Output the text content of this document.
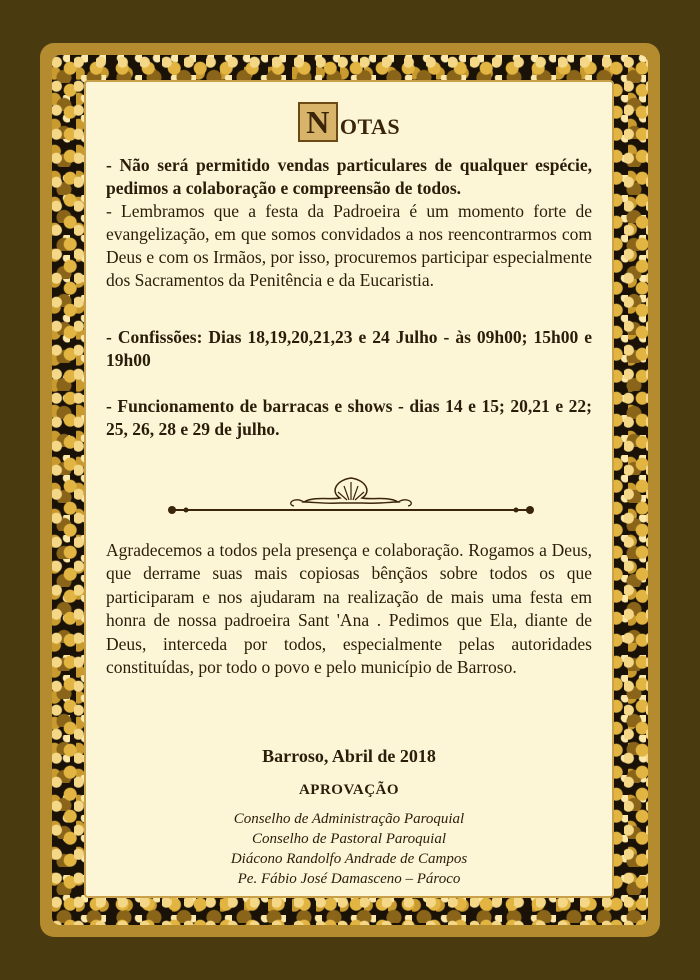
N OTAS

- Não será permitido vendas particulares de qualquer espécie, pedimos a colaboração e compreensão de todos.

- Lembramos que a festa da Padroeira é um momento forte de evangelização, em que somos convidados a nos reencontrarmos com Deus e com os Irmãos, por isso, procuremos participar especialmente dos Sacramentos da Penitência e da Eucaristia.

- Confissões: Dias 18,19,20,21,23 e 24 Julho - às 09h00; 15h00 e 19h00

- Funcionamento de barracas e shows - dias 14 e 15; 20,21 e 22; 25, 26, 28 e 29 de julho.

Agradecemos a todos pela presença e colaboração. Rogamos a Deus, que derrame suas mais copiosas bênçãos sobre todos os que participaram e nos ajudaram na realização de mais uma festa em honra de nossa padroeira Sant 'Ana . Pedimos que Ela, diante de Deus, interceda por todos, especialmente pelas autoridades constituídas, por todo o povo e pelo município de Barroso.

Barroso, Abril de 2018

APROVAÇÃO

Conselho de Administração Paroquial

Conselho de Pastoral Paroquial

Diácono Randolfo Andrade de Campos

Pe. Fábio José Damasceno – Pároco
